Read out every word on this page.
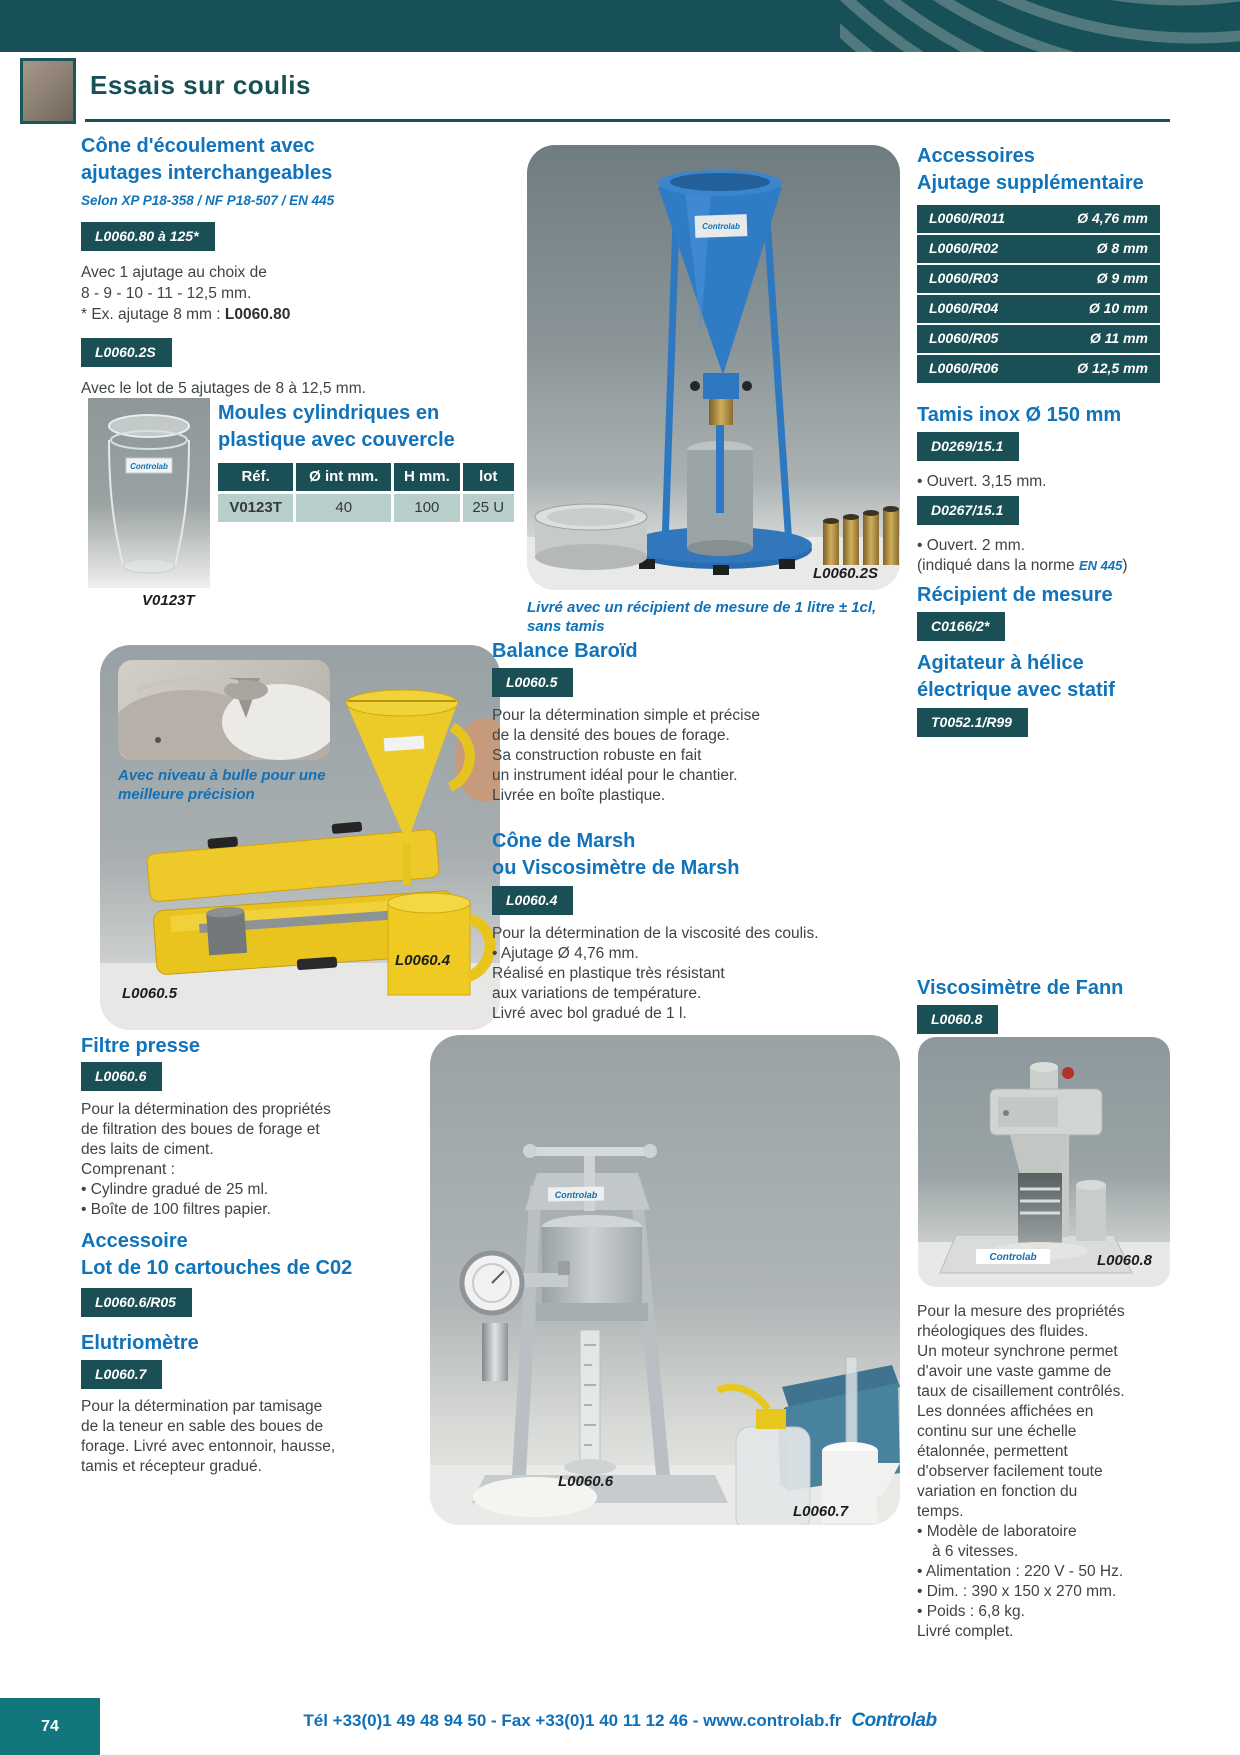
Essais sur coulis
Cône d'écoulement avec
ajutages interchangeables
Selon XP P18-358 / NF P18-507 / EN 445
L0060.80 à 125*
Avec 1 ajutage au choix de
8 - 9 - 10 - 11 - 12,5 mm.
* Ex. ajutage 8 mm : L0060.80
L0060.2S
Avec le lot de 5 ajutages de 8 à 12,5 mm.
Controlab
V0123T
Moules cylindriques en
plastique avec couvercle
Réf.	Ø int mm.	H mm.	lot
V0123T	40	100	25 U
Avec niveau à bulle pour une
meilleure précision
L0060.5
L0060.4
Filtre presse
L0060.6
Pour la détermination des propriétés
de filtration des boues de forage et
des laits de ciment.
Comprenant :
• Cylindre gradué de 25 ml.
• Boîte de 100 filtres papier.
Accessoire
Lot de 10 cartouches de C02
L0060.6/R05
Elutriomètre
L0060.7
Pour la détermination par tamisage
de la teneur en sable des boues de
forage. Livré avec entonnoir, hausse,
tamis et récepteur gradué.
Controlab
L0060.2S
Livré avec un récipient de mesure de 1 litre ± 1cl,
sans tamis
Balance Baroïd
L0060.5
Pour la détermination simple et précise
de la densité des boues de forage.
Sa construction robuste en fait
un instrument idéal pour le chantier.
Livrée en boîte plastique.
Cône de Marsh
ou Viscosimètre de Marsh
L0060.4
Pour la détermination de la viscosité des coulis.
• Ajutage Ø 4,76 mm.
Réalisé en plastique très résistant
aux variations de température.
Livré avec bol gradué de 1 l.
Controlab
L0060.6
L0060.7
Accessoires
Ajutage supplémentaire
L0060/R011	Ø 4,76 mm
L0060/R02	Ø 8 mm
L0060/R03	Ø 9 mm
L0060/R04	Ø 10 mm
L0060/R05	Ø 11 mm
L0060/R06	Ø 12,5 mm
Tamis inox Ø 150 mm
D0269/15.1
• Ouvert. 3,15 mm.
D0267/15.1
• Ouvert. 2 mm.
(indiqué dans la norme EN 445)
Récipient de mesure
C0166/2*
Agitateur à hélice
électrique avec statif
T0052.1/R99
Viscosimètre de Fann
L0060.8
Controlab	L0060.8
Pour la mesure des propriétés
rhéologiques des fluides.
Un moteur synchrone permet
d'avoir une vaste gamme de
taux de cisaillement contrôlés.
Les données affichées en
continu sur une échelle
étalonnée, permettent
d'observer facilement toute
variation en fonction du
temps.
• Modèle de laboratoire
à 6 vitesses.
• Alimentation : 220 V - 50 Hz.
• Dim. : 390 x 150 x 270 mm.
• Poids : 6,8 kg.
Livré complet.
74	Tél +33(0)1 49 48 94 50 - Fax +33(0)1 40 11 12 46 - www.controlab.fr Controlab
